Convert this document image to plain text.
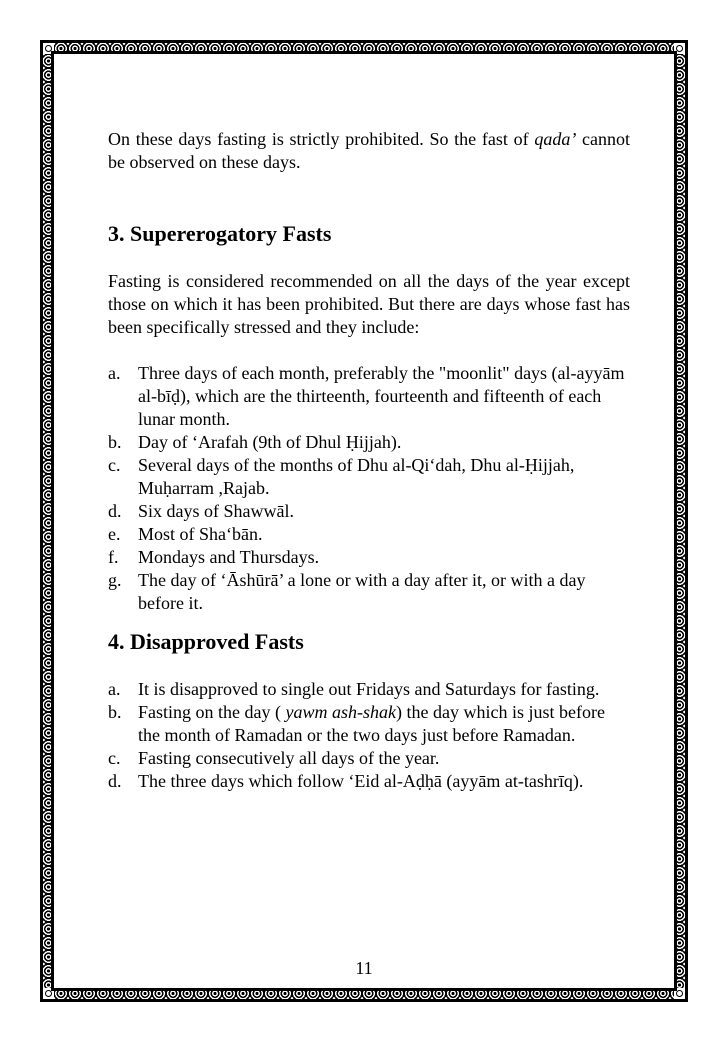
On these days fasting is strictly prohibited. So the fast of qada’ cannot be observed on these days.

3. Supererogatory Fasts

Fasting is considered recommended on all the days of the year except those on which it has been prohibited. But there are days whose fast has been specifically stressed and they include:

a. Three days of each month, preferably the "moonlit" days (al-ayyām al-bīḍ), which are the thirteenth, fourteenth and fifteenth of each lunar month.
b. Day of ‘Arafah (9th of Dhul Ḥijjah).
c. Several days of the months of Dhu al-Qi‘dah, Dhu al-Ḥijjah, Muḥarram ,Rajab.
d. Six days of Shawwāl.
e. Most of Sha‘bān.
f. Mondays and Thursdays.
g. The day of ‘Āshūrā’ a lone or with a day after it, or with a day before it.
4. Disapproved Fasts
a. It is disapproved to single out Fridays and Saturdays for fasting.
b. Fasting on the day ( yawm ash-shak) the day which is just before the month of Ramadan or the two days just before Ramadan.
c. Fasting consecutively all days of the year.
d. The three days which follow ‘Eid al-Aḍḥā (ayyām at-tashrīq).
11
